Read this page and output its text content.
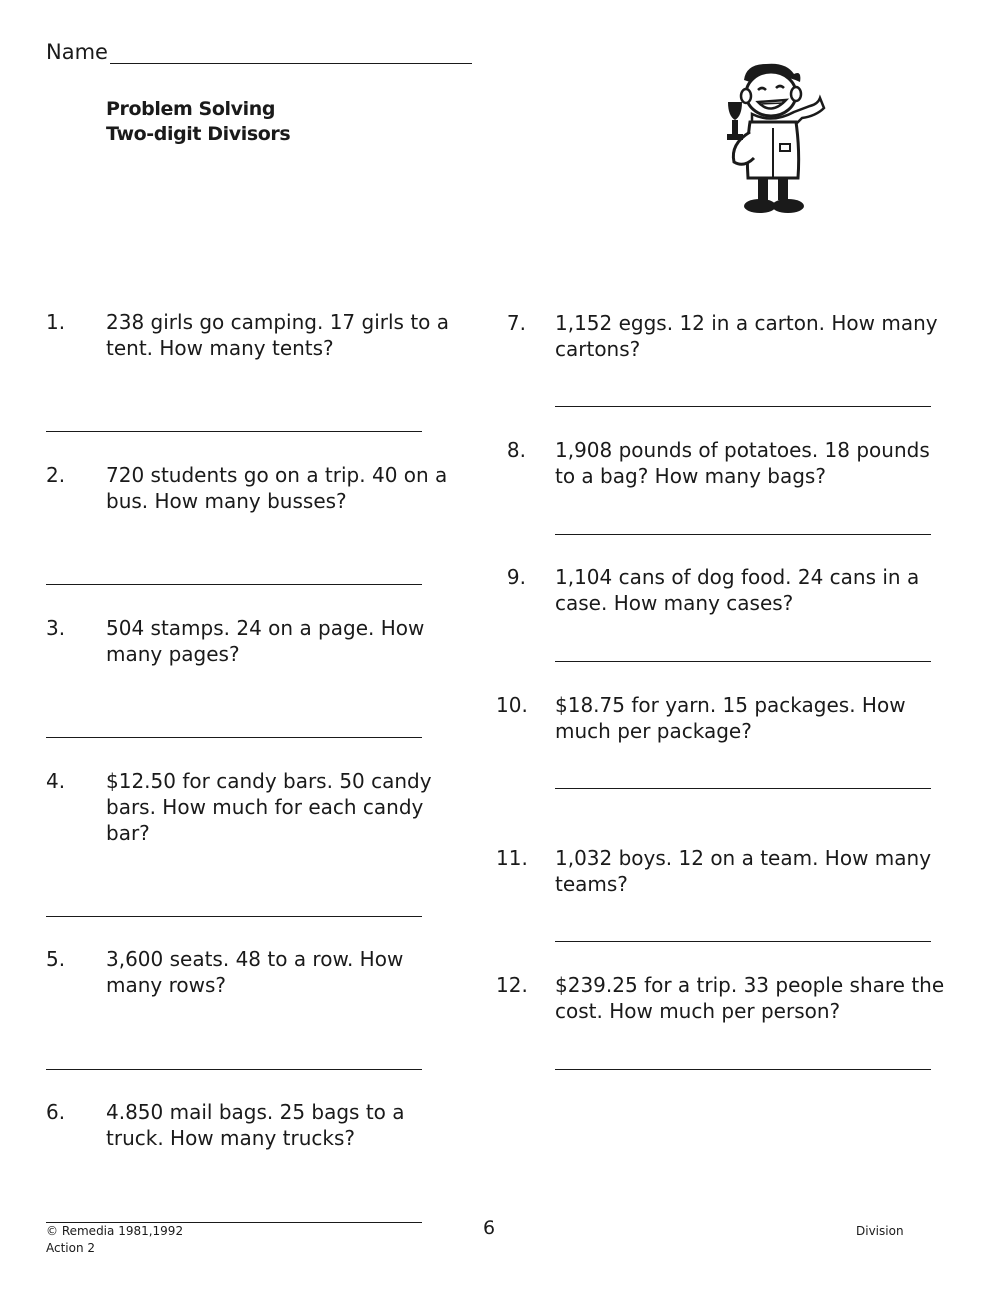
Name
Problem Solving
Two-digit Divisors
1. 238 girls go camping. 17 girls to a tent. How many tents?
2. 720 students go on a trip. 40 on a bus. How many busses?
3. 504 stamps. 24 on a page. How many pages?
4. $12.50 for candy bars. 50 candy bars. How much for each candy bar?
5. 3,600 seats. 48 to a row. How many rows?
6. 4.850 mail bags. 25 bags to a truck. How many trucks?
7. 1,152 eggs. 12 in a carton. How many cartons?
8. 1,908 pounds of potatoes. 18 pounds to a bag? How many bags?
9. 1,104 cans of dog food. 24 cans in a case. How many cases?
10. $18.75 for yarn. 15 packages. How much per package?
11. 1,032 boys. 12 on a team. How many teams?
12. $239.25 for a trip. 33 people share the cost. How much per person?
© Remedia 1981,1992
Action 2
6	Division
